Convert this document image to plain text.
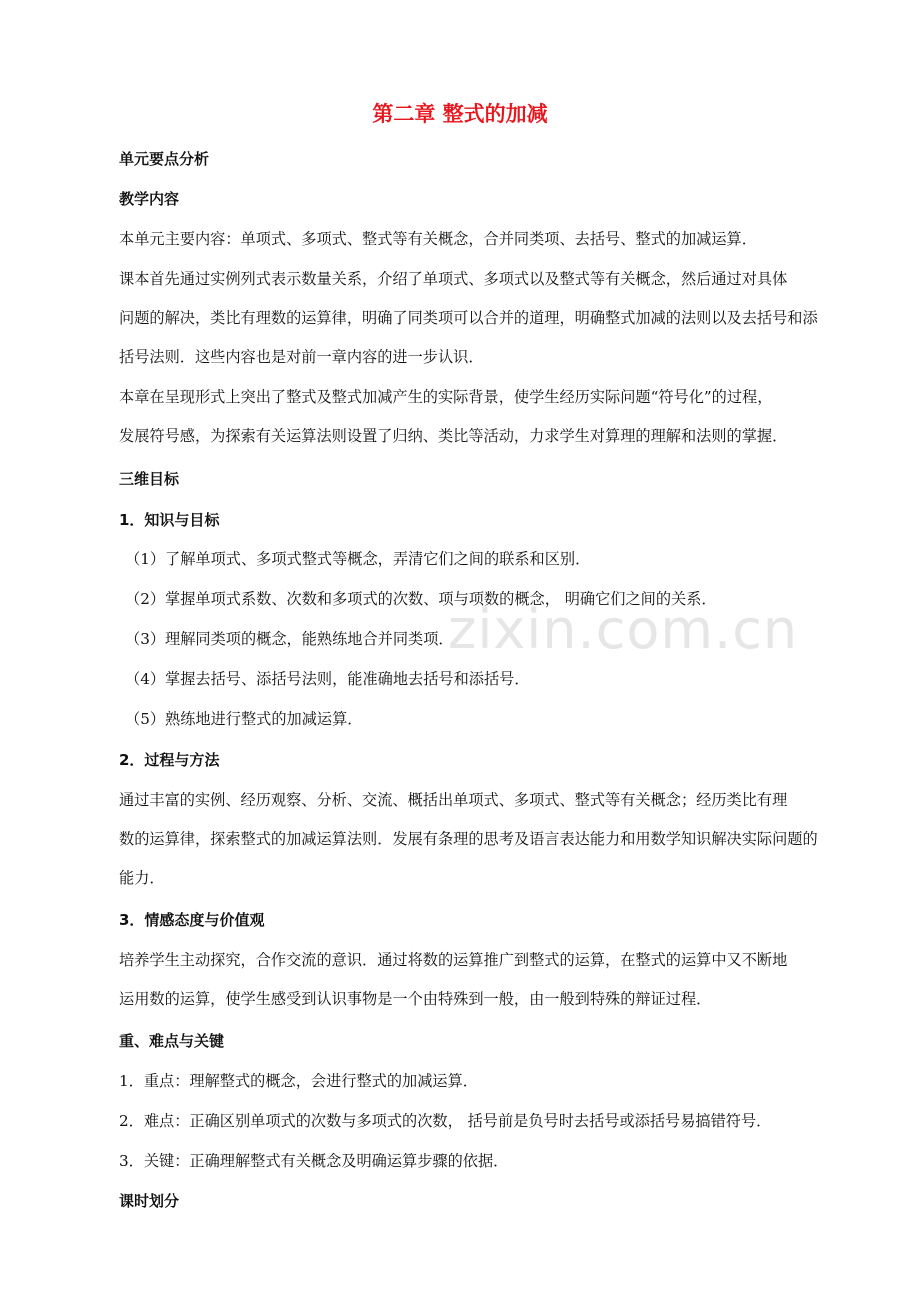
第二章 整式的加减
单元要点分析
教学内容
本单元主要内容：单项式、多项式、整式等有关概念，合并同类项、去括号、整式的加减运算．
课本首先通过实例列式表示数量关系，介绍了单项式、多项式以及整式等有关概念，然后通过对具体
问题的解决，类比有理数的运算律，明确了同类项可以合并的道理，明确整式加减的法则以及去括号和添
括号法则．这些内容也是对前一章内容的进一步认识．
本章在呈现形式上突出了整式及整式加减产生的实际背景，使学生经历实际问题“符号化”的过程，
发展符号感，为探索有关运算法则设置了归纳、类比等活动，力求学生对算理的理解和法则的掌握．
三维目标
1．知识与目标
（1）了解单项式、多项式整式等概念，弄清它们之间的联系和区别．
（2）掌握单项式系数、次数和多项式的次数、项与项数的概念， 明确它们之间的关系．
（3）理解同类项的概念，能熟练地合并同类项．
（4）掌握去括号、添括号法则，能准确地去括号和添括号．
（5）熟练地进行整式的加减运算．
2．过程与方法
通过丰富的实例、经历观察、分析、交流、概括出单项式、多项式、整式等有关概念；经历类比有理
数的运算律，探索整式的加减运算法则．发展有条理的思考及语言表达能力和用数学知识解决实际问题的
能力．
3．情感态度与价值观
培养学生主动探究，合作交流的意识．通过将数的运算推广到整式的运算，在整式的运算中又不断地
运用数的运算，使学生感受到认识事物是一个由特殊到一般，由一般到特殊的辩证过程．
重、难点与关键
1．重点：理解整式的概念，会进行整式的加减运算．
2．难点：正确区别单项式的次数与多项式的次数， 括号前是负号时去括号或添括号易搞错符号．
3．关键：正确理解整式有关概念及明确运算步骤的依据．
课时划分
zixin.com.cn
